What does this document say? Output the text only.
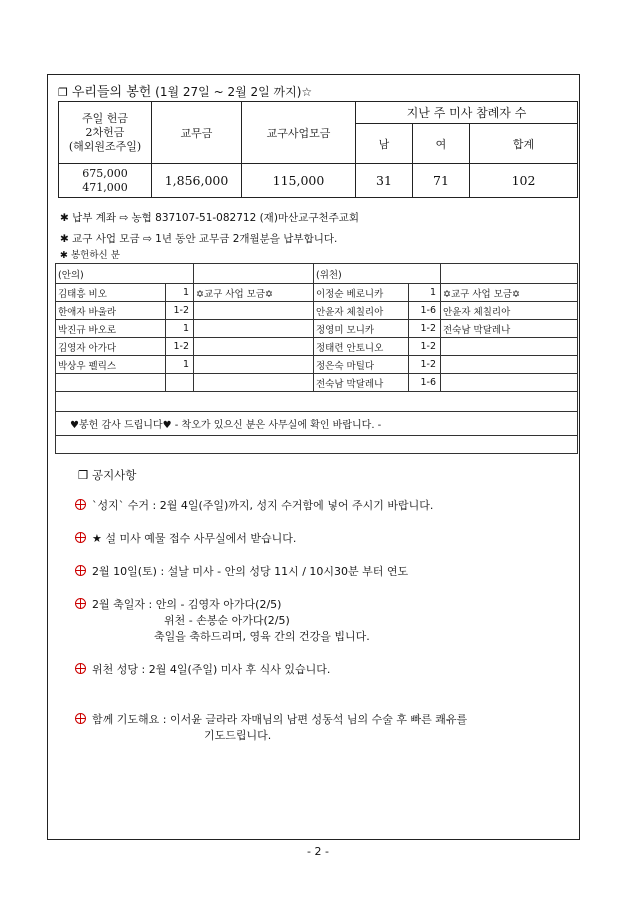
❐ 우리들의 봉헌 (1월 27일 ~ 2월 2일 까지)☆
주일 헌금
2차헌금
(해외원조주일)	교무금	교구사업모금	지난 주 미사 참례자 수		
			남	여	합계

675,000
471,000	1,856,000	115,000	31	71	102
✱ 납부 계좌 ⇨ 농협 837107-51-082712 (재)마산교구천주교회
✱ 교구 사업 모금 ⇨ 1년 동안 교무금 2개월분을 납부합니다.
✱ 봉헌하신 분
(안의)			(위천)		
김태흥 비오	1	✡교구 사업 모금✡	이정순 베로니카	1	✡교구 사업 모금✡
한애자 바울라	1-2		안윤자 체칠리아	1-6	안윤자 체칠리아
박진규 바오로	1		정영미 모니카	1-2	전숙남 막달레나
김영자 아가다	1-2		정태련 안토니오	1-2	
박상우 펠릭스	1		정은숙 마틸다	1-2	
			전숙남 막달레나	1-6	

♥봉헌 감사 드립니다♥ - 착오가 있으신 분은 사무실에 확인 바랍니다. -					

❒ 공지사항
`성지` 수거 : 2월 4일(주일)까지, 성지 수거함에 넣어 주시기 바랍니다.
★ 설 미사 예물 접수 사무실에서 받습니다.
2월 10일(토) : 설날 미사 - 안의 성당 11시 / 10시30분 부터 연도
2월 축일자 : 안의 - 김영자 아가다(2/5)
위천 - 손봉순 아가다(2/5)
축일을 축하드리며, 영육 간의 건강을 빕니다.
위천 성당 : 2월 4일(주일) 미사 후 식사 있습니다.
함께 기도해요 : 이서윤 글라라 자매님의 남편 성동석 님의 수술 후 빠른 쾌유를
기도드립니다.
- 2 -
